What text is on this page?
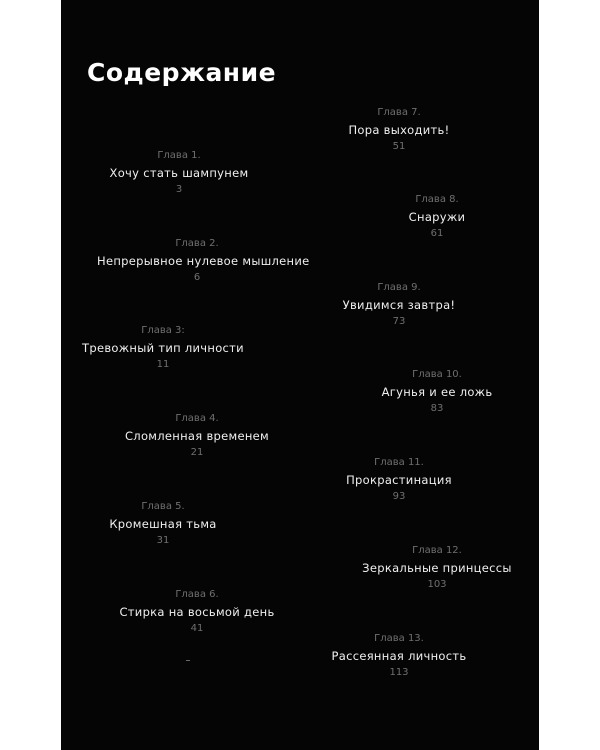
Содержание
Глава 1.
Хочу стать шампунем
3
Глава 2.
Непрерывное нулевое мышление
6
Глава 3:
Тревожный тип личности
11
Глава 4.
Сломленная временем
21
Глава 5.
Кромешная тьма
31
Глава 6.
Стирка на восьмой день
41
Глава 7.
Пора выходить!
51
Глава 8.
Снаружи
61
Глава 9.
Увидимся завтра!
73
Глава 10.
Агунья и ее ложь
83
Глава 11.
Прокрастинация
93
Глава 12.
Зеркальные принцессы
103
Глава 13.
Рассеянная личность
113
